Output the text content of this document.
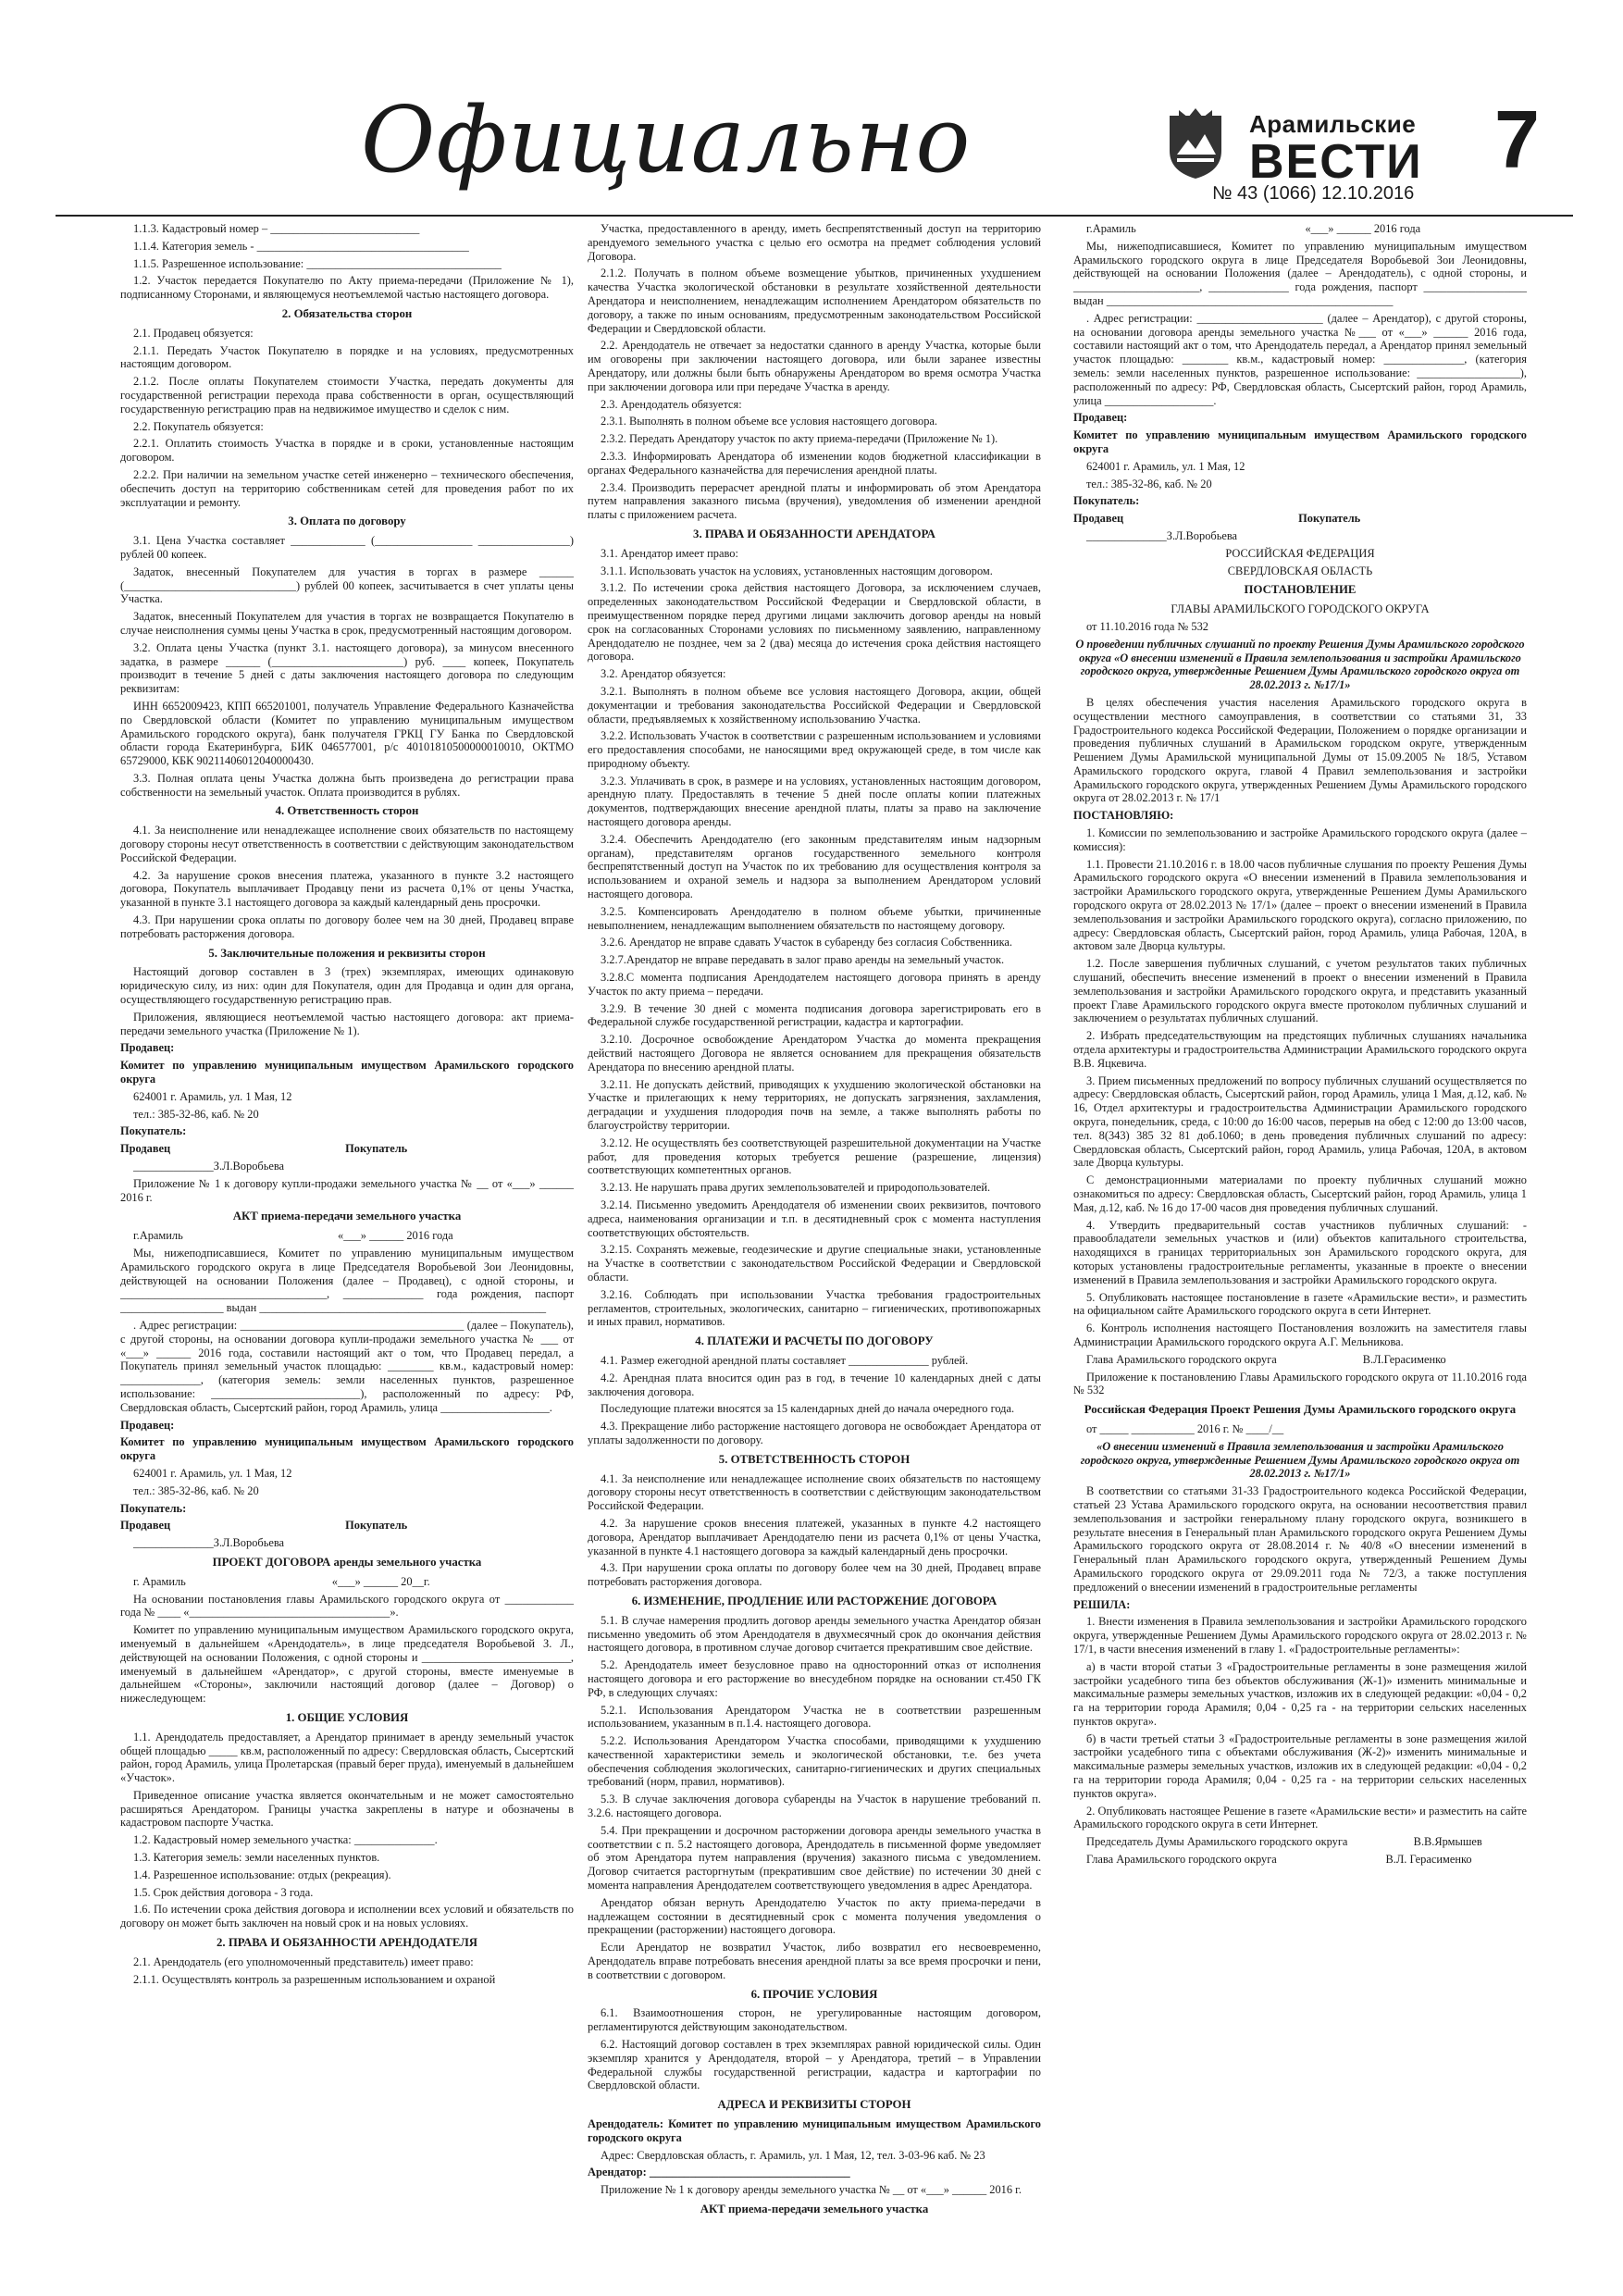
Официально	Арамильские
ВЕСТИ 7
№ 43 (1066) 12.10.2016

1.1.3. Кадастровый номер – __________________________

1.1.4. Категория земель - _____________________________________

1.1.5. Разрешенное использование: __________________________________

1.2. Участок передается Покупателю по Акту приема-передачи (Приложение № 1), подписанному Сторонами, и являющемуся неотъемлемой частью настоящего договора.

2. Обязательства сторон

2.1. Продавец обязуется:

2.1.1. Передать Участок Покупателю в порядке и на условиях, предусмотренных настоящим договором.

2.1.2. После оплаты Покупателем стоимости Участка, передать документы для государственной регистрации перехода права собственности в орган, осуществляющий государственную регистрацию прав на недвижимое имущество и сделок с ним.

2.2. Покупатель обязуется:

2.2.1. Оплатить стоимость Участка в порядке и в сроки, установленные настоящим договором.

2.2.2. При наличии на земельном участке сетей инженерно – технического обеспечения, обеспечить доступ на территорию собственникам сетей для проведения работ по их эксплуатации и ремонту.

3. Оплата по договору

3.1. Цена Участка составляет _____________ (_________________ ________________) рублей 00 копеек.

Задаток, внесенный Покупателем для участия в торгах в размере ______ (______________________________) рублей 00 копеек, засчитывается в счет уплаты цены Участка.

Задаток, внесенный Покупателем для участия в торгах не возвращается Покупателю в случае неисполнения суммы цены Участка в срок, предусмотренный настоящим договором.

3.2. Оплата цены Участка (пункт 3.1. настоящего договора), за минусом внесенного задатка, в размере ______ (_______________________) руб. ____ копеек, Покупатель производит в течение 5 дней с даты заключения настоящего договора по следующим реквизитам:

ИНН 6652009423, КПП 665201001, получатель Управление Федерального Казначейства по Свердловской области (Комитет по управлению муниципальным имуществом Арамильского городского округа), банк получателя ГРКЦ ГУ Банка по Свердловской области города Екатеринбурга, БИК 046577001, р/с 40101810500000010010, ОКТМО 65729000, КБК 90211406012040000430.

3.3. Полная оплата цены Участка должна быть произведена до регистрации права собственности на земельный участок. Оплата производится в рублях.

4. Ответственность сторон

4.1. За неисполнение или ненадлежащее исполнение своих обязательств по настоящему договору стороны несут ответственность в соответствии с действующим законодательством Российской Федерации.

4.2. За нарушение сроков внесения платежа, указанного в пункте 3.2 настоящего договора, Покупатель выплачивает Продавцу пени из расчета 0,1% от цены Участка, указанной в пункте 3.1 настоящего договора за каждый календарный день просрочки.

4.3. При нарушении срока оплаты по договору более чем на 30 дней, Продавец вправе потребовать расторжения договора.

5. Заключительные положения и реквизиты сторон

Настоящий договор составлен в 3 (трех) экземплярах, имеющих одинаковую юридическую силу, из них: один для Покупателя, один для Продавца и один для органа, осуществляющего государственную регистрацию прав.

Приложения, являющиеся неотъемлемой частью настоящего договора: акт приема-передачи земельного участка (Приложение № 1).

Продавец:

Комитет по управлению муниципальным имуществом Арамильского городского округа

624001 г. Арамиль, ул. 1 Мая, 12

тел.: 385-32-86, каб. № 20

Покупатель:

Продавец                                                             Покупатель

______________З.Л.Воробьева

Приложение № 1 к договору купли-продажи земельного участка № __ от «___» ______ 2016 г.

АКТ приема-передачи земельного участка

г.Арамиль                                                      «___» ______ 2016 года

Мы, нижеподписавшиеся, Комитет по управлению муниципальным имуществом Арамильского городского округа в лице Председателя Воробьевой Зои Леонидовны, действующей на основании Положения (далее – Продавец), с одной стороны, и ____________________________________, ______________ года рождения, паспорт __________________ выдан __________________________________________________

. Адрес регистрации: _______________________________________ (далее – Покупатель), с другой стороны, на основании договора купли-продажи земельного участка № ___ от «___» ______ 2016 года, составили настоящий акт о том, что Продавец передал, а Покупатель принял земельный участок площадью: ________ кв.м., кадастровый номер: ______________, (категория земель: земли населенных пунктов, разрешенное использование: __________________________), расположенный по адресу: РФ, Свердловская область, Сысертский район, город Арамиль, улица ___________________.

Продавец:

Комитет по управлению муниципальным имуществом Арамильского городского округа

624001 г. Арамиль, ул. 1 Мая, 12

тел.: 385-32-86, каб. № 20

Покупатель:

Продавец                                                             Покупатель

______________З.Л.Воробьева

ПРОЕКТ ДОГОВОРА аренды земельного участка

г. Арамиль                                                   «___» ______ 20__г.

На основании постановления главы Арамильского городского округа от ____________ года № ____ «___________________________________».

Комитет по управлению муниципальным имуществом Арамильского городского округа, именуемый в дальнейшем «Арендодатель», в лице председателя Воробьевой З. Л., действующей на основании Положения, с одной стороны и __________________________, именуемый в дальнейшем «Арендатор», с другой стороны, вместе именуемые в дальнейшем «Стороны», заключили настоящий договор (далее – Договор) о нижеследующем:

1. ОБЩИЕ УСЛОВИЯ

1.1. Арендодатель предоставляет, а Арендатор принимает в аренду земельный участок общей площадью _____ кв.м, расположенный по адресу: Свердловская область, Сысертский район, город Арамиль, улица Пролетарская (правый берег пруда), именуемый в дальнейшем «Участок».

Приведенное описание участка является окончательным и не может самостоятельно расширяться Арендатором. Границы участка закреплены в натуре и обозначены в кадастровом паспорте Участка.

1.2. Кадастровый номер земельного участка: ______________.

1.3. Категория земель: земли населенных пунктов.

1.4. Разрешенное использование: отдых (рекреация).

1.5. Срок действия договора - 3 года.

1.6. По истечении срока действия договора и исполнении всех условий и обязательств по договору он может быть заключен на новый срок и на новых условиях.

2. ПРАВА И ОБЯЗАННОСТИ АРЕНДОДАТЕЛЯ

2.1. Арендодатель (его уполномоченный представитель) имеет право:

2.1.1. Осуществлять контроль за разрешенным использованием и охраной

Участка, предоставленного в аренду, иметь беспрепятственный доступ на территорию арендуемого земельного участка с целью его осмотра на предмет соблюдения условий Договора.

2.1.2. Получать в полном объеме возмещение убытков, причиненных ухудшением качества Участка экологической обстановки в результате хозяйственной деятельности Арендатора и неисполнением, ненадлежащим исполнением Арендатором обязательств по договору, а также по иным основаниям, предусмотренным законодательством Российской Федерации и Свердловской области.

2.2. Арендодатель не отвечает за недостатки сданного в аренду Участка, которые были им оговорены при заключении настоящего договора, или были заранее известны Арендатору, или должны были быть обнаружены Арендатором во время осмотра Участка при заключении договора или при передаче Участка в аренду.

2.3. Арендодатель обязуется:

2.3.1. Выполнять в полном объеме все условия настоящего договора.

2.3.2. Передать Арендатору участок по акту приема-передачи (Приложение № 1).

2.3.3. Информировать Арендатора об изменении кодов бюджетной классификации в органах Федерального казначейства для перечисления арендной платы.

2.3.4. Производить перерасчет арендной платы и информировать об этом Арендатора путем направления заказного письма (вручения), уведомления об изменении арендной платы с приложением расчета.

3. ПРАВА И ОБЯЗАННОСТИ АРЕНДАТОРА

3.1. Арендатор имеет право:

3.1.1. Использовать участок на условиях, установленных настоящим договором.

3.1.2. По истечении срока действия настоящего Договора, за исключением случаев, определенных законодательством Российской Федерации и Свердловской области, в преимущественном порядке перед другими лицами заключить договор аренды на новый срок на согласованных Сторонами условиях по письменному заявлению, направленному Арендодателю не позднее, чем за 2 (два) месяца до истечения срока действия настоящего договора.

3.2. Арендатор обязуется:

3.2.1. Выполнять в полном объеме все условия настоящего Договора, акции, общей документации и требования законодательства Российской Федерации и Свердловской области, предъявляемых к хозяйственному использованию Участка.

3.2.2. Использовать Участок в соответствии с разрешенным использованием и условиями его предоставления способами, не наносящими вред окружающей среде, в том числе как природному объекту.

3.2.3. Уплачивать в срок, в размере и на условиях, установленных настоящим договором, арендную плату. Предоставлять в течение 5 дней после оплаты копии платежных документов, подтверждающих внесение арендной платы, платы за право на заключение настоящего договора аренды.

3.2.4. Обеспечить Арендодателю (его законным представителям иным надзорным органам), представителям органов государственного земельного контроля беспрепятственный доступ на Участок по их требованию для осуществления контроля за использованием и охраной земель и надзора за выполнением Арендатором условий настоящего договора.

3.2.5. Компенсировать Арендодателю в полном объеме убытки, причиненные невыполнением, ненадлежащим выполнением обязательств по настоящему договору.

3.2.6. Арендатор не вправе сдавать Участок в субаренду без согласия Собственника.

3.2.7.Арендатор не вправе передавать в залог право аренды на земельный участок.

3.2.8.С момента подписания Арендодателем настоящего договора принять в аренду Участок по акту приема – передачи.

3.2.9. В течение 30 дней с момента подписания договора зарегистрировать его в Федеральной службе государственной регистрации, кадастра и картографии.

3.2.10. Досрочное освобождение Арендатором Участка до момента прекращения действий настоящего Договора не является основанием для прекращения обязательств Арендатора по внесению арендной платы.

3.2.11. Не допускать действий, приводящих к ухудшению экологической обстановки на Участке и прилегающих к нему территориях, не допускать загрязнения, захламления, деградации и ухудшения плодородия почв на земле, а также выполнять работы по благоустройству территории.

3.2.12. Не осуществлять без соответствующей разрешительной документации на Участке работ, для проведения которых требуется решение (разрешение, лицензия) соответствующих компетентных органов.

3.2.13. Не нарушать права других землепользователей и природопользователей.

3.2.14. Письменно уведомить Арендодателя об изменении своих реквизитов, почтового адреса, наименования организации и т.п. в десятидневный срок с момента наступления соответствующих обстоятельств.

3.2.15. Сохранять межевые, геодезические и другие специальные знаки, установленные на Участке в соответствии с законодательством Российской Федерации и Свердловской области.

3.2.16. Соблюдать при использовании Участка требования градостроительных регламентов, строительных, экологических, санитарно – гигиенических, противопожарных и иных правил, нормативов.

4. ПЛАТЕЖИ И РАСЧЕТЫ ПО ДОГОВОРУ

4.1. Размер ежегодной арендной платы составляет ______________ рублей.

4.2. Арендная плата вносится один раз в год, в течение 10 календарных дней с даты заключения договора.

Последующие платежи вносятся за 15 календарных дней до начала очередного года.

4.3. Прекращение либо расторжение настоящего договора не освобождает Арендатора от уплаты задолженности по договору.

5. ОТВЕТСТВЕННОСТЬ СТОРОН

4.1. За неисполнение или ненадлежащее исполнение своих обязательств по настоящему договору стороны несут ответственность в соответствии с действующим законодательством Российской Федерации.

4.2. За нарушение сроков внесения платежей, указанных в пункте 4.2 настоящего договора, Арендатор выплачивает Арендодателю пени из расчета 0,1% от цены Участка, указанной в пункте 4.1 настоящего договора за каждый календарный день просрочки.

4.3. При нарушении срока оплаты по договору более чем на 30 дней, Продавец вправе потребовать расторжения договора.

6. ИЗМЕНЕНИЕ, ПРОДЛЕНИЕ ИЛИ РАСТОРЖЕНИЕ ДОГОВОРА

5.1. В случае намерения продлить договор аренды земельного участка Арендатор обязан письменно уведомить об этом Арендодателя в двухмесячный срок до окончания действия настоящего договора, в противном случае договор считается прекратившим свое действие.

5.2. Арендодатель имеет безусловное право на односторонний отказ от исполнения настоящего договора и его расторжение во внесудебном порядке на основании ст.450 ГК РФ, в следующих случаях:

5.2.1. Использования Арендатором Участка не в соответствии разрешенным использованием, указанным в п.1.4. настоящего договора.

5.2.2. Использования Арендатором Участка способами, приводящими к ухудшению качественной характеристики земель и экологической обстановки, т.е. без учета обеспечения соблюдения экологических, санитарно-гигиенических и других специальных требований (норм, правил, нормативов).

5.3. В случае заключения договора субаренды на Участок в нарушение требований п. 3.2.6. настоящего договора.

5.4. При прекращении и досрочном расторжении договора аренды земельного участка в соответствии с п. 5.2 настоящего договора, Арендодатель в письменной форме уведомляет об этом Арендатора путем направления (вручения) заказного письма с уведомлением. Договор считается расторгнутым (прекратившим свое действие) по истечении 30 дней с момента направления Арендодателем соответствующего уведомления в адрес Арендатора.

Арендатор обязан вернуть Арендодателю Участок по акту приема-передачи в надлежащем состоянии в десятидневный срок с момента получения уведомления о прекращении (расторжении) настоящего договора.

Если Арендатор не возвратил Участок, либо возвратил его несвоевременно, Арендодатель вправе потребовать внесения арендной платы за все время просрочки и пени, в соответствии с договором.

6. ПРОЧИЕ УСЛОВИЯ

6.1. Взаимоотношения сторон, не урегулированные настоящим договором, регламентируются действующим законодательством.

6.2. Настоящий договор составлен в трех экземплярах равной юридической силы. Один экземпляр хранится у Арендодателя, второй – у Арендатора, третий – в Управлении Федеральной службы государственной регистрации, кадастра и картографии по Свердловской области.

АДРЕСА И РЕКВИЗИТЫ СТОРОН

Арендодатель: Комитет по управлению муниципальным имуществом Арамильского городского округа

Адрес: Свердловская область, г. Арамиль, ул. 1 Мая, 12, тел. 3-03-96 каб. № 23

Арендатор: ___________________________________

Приложение № 1 к договору аренды земельного участка № __ от «___» ______ 2016 г.

АКТ приема-передачи земельного участка

г.Арамиль                                                           «___» ______ 2016 года

Мы, нижеподписавшиеся, Комитет по управлению муниципальным имуществом Арамильского городского округа в лице Председателя Воробьевой Зои Леонидовны, действующей на основании Положения (далее – Арендодатель), с одной стороны, и ______________________, ______________ года рождения, паспорт __________________ выдан __________________________________________________

. Адрес регистрации: ______________________ (далее – Арендатор), с другой стороны, на основании договора аренды земельного участка №___ от «___» ______ 2016 года, составили настоящий акт о том, что Арендодатель передал, а Арендатор принял земельный участок площадью: ________ кв.м., кадастровый номер: ______________, (категория земель: земли населенных пунктов, разрешенное использование: __________________), расположенный по адресу: РФ, Свердловская область, Сысертский район, город Арамиль, улица ___________________.

Продавец:

Комитет по управлению муниципальным имуществом Арамильского городского округа

624001 г. Арамиль, ул. 1 Мая, 12

тел.: 385-32-86, каб. № 20

Покупатель:

Продавец                                                             Покупатель

______________З.Л.Воробьева

РОССИЙСКАЯ ФЕДЕРАЦИЯ

СВЕРДЛОВСКАЯ ОБЛАСТЬ

ПОСТАНОВЛЕНИЕ

ГЛАВЫ АРАМИЛЬСКОГО ГОРОДСКОГО ОКРУГА

от 11.10.2016 года № 532

О проведении публичных слушаний по проекту Решения Думы Арамильского городского округа «О внесении изменений в Правила землепользования и застройки Арамильского городского округа, утвержденные Решением Думы Арамильского городского округа от 28.02.2013 г. №17/1»

В целях обеспечения участия населения Арамильского городского округа в осуществлении местного самоуправления, в соответствии со статьями 31, 33 Градостроительного кодекса Российской Федерации, Положением о порядке организации и проведения публичных слушаний в Арамильском городском округе, утвержденным Решением Думы Арамильской муниципальной Думы от 15.09.2005 № 18/5, Уставом Арамильского городского округа, главой 4 Правил землепользования и застройки Арамильского городского округа, утвержденных Решением Думы Арамильского городского округа от 28.02.2013 г. № 17/1

ПОСТАНОВЛЯЮ:

1. Комиссии по землепользованию и застройке Арамильского городского округа (далее – комиссия):

1.1. Провести 21.10.2016 г. в 18.00 часов публичные слушания по проекту Решения Думы Арамильского городского округа «О внесении изменений в Правила землепользования и застройки Арамильского городского округа, утвержденные Решением Думы Арамильского городского округа от 28.02.2013 № 17/1» (далее – проект о внесении изменений в Правила землепользования и застройки Арамильского городского округа), согласно приложению, по адресу: Свердловская область, Сысертский район, город Арамиль, улица Рабочая, 120А, в актовом зале Дворца культуры.

1.2. После завершения публичных слушаний, с учетом результатов таких публичных слушаний, обеспечить внесение изменений в проект о внесении изменений в Правила землепользования и застройки Арамильского городского округа, и представить указанный проект Главе Арамильского городского округа вместе протоколом публичных слушаний и заключением о результатах публичных слушаний.

2. Избрать председательствующим на предстоящих публичных слушаниях начальника отдела архитектуры и градостроительства Администрации Арамильского городского округа В.В. Яцкевича.

3. Прием письменных предложений по вопросу публичных слушаний осуществляется по адресу: Свердловская область, Сысертский район, город Арамиль, улица 1 Мая, д.12, каб. № 16, Отдел архитектуры и градостроительства Администрации Арамильского городского округа, понедельник, среда, с 10:00 до 16:00 часов, перерыв на обед с 12:00 до 13:00 часов, тел. 8(343) 385 32 81 доб.1060; в день проведения публичных слушаний по адресу: Свердловская область, Сысертский район, город Арамиль, улица Рабочая, 120А, в актовом зале Дворца культуры.

С демонстрационными материалами по проекту публичных слушаний можно ознакомиться по адресу: Свердловская область, Сысертский район, город Арамиль, улица 1 Мая, д.12, каб. № 16 до 17-00 часов дня проведения публичных слушаний.

4. Утвердить предварительный состав участников публичных слушаний: - правообладатели земельных участков и (или) объектов капитального строительства, находящихся в границах территориальных зон Арамильского городского округа, для которых установлены градостроительные регламенты, указанные в проекте о внесении изменений в Правила землепользования и застройки Арамильского городского округа.

5. Опубликовать настоящее постановление в газете «Арамильские вести», и разместить на официальном сайте Арамильского городского округа в сети Интернет.

6. Контроль исполнения настоящего Постановления возложить на заместителя главы Администрации Арамильского городского округа А.Г. Мельникова.

Глава Арамильского городского округа                              В.Л.Герасименко

Приложение к постановлению Главы Арамильского городского округа от 11.10.2016 года № 532

Российская Федерация Проект Решения Думы Арамильского городского округа

от _____ ___________ 2016 г. № ____/__

«О внесении изменений в Правила землепользования и застройки Арамильского городского округа, утвержденные Решением Думы Арамильского городского округа от 28.02.2013 г. №17/1»

В соответствии со статьями 31-33 Градостроительного кодекса Российской Федерации, статьей 23 Устава Арамильского городского округа, на основании несоответствия правил землепользования и застройки генеральному плану городского округа, возникшего в результате внесения в Генеральный план Арамильского городского округа Решением Думы Арамильского городского округа от 28.08.2014 г. № 40/8 «О внесении изменений в Генеральный план Арамильского городского округа, утвержденный Решением Думы Арамильского городского округа от 29.09.2011 года № 72/3, а также поступления предложений о внесении изменений в градостроительные регламенты

РЕШИЛА:

1. Внести изменения в Правила землепользования и застройки Арамильского городского округа, утвержденные Решением Думы Арамильского городского округа от 28.02.2013 г. № 17/1, в части внесения изменений в главу 1. «Градостроительные регламенты»:

а) в части второй статьи 3 «Градостроительные регламенты в зоне размещения жилой застройки усадебного типа без объектов обслуживания (Ж-1)» изменить минимальные и максимальные размеры земельных участков, изложив их в следующей редакции: «0,04 - 0,2 га на территории города Арамиля; 0,04 - 0,25 га - на территории сельских населенных пунктов округа».

б) в части третьей статьи 3 «Градостроительные регламенты в зоне размещения жилой застройки усадебного типа с объектами обслуживания (Ж-2)» изменить минимальные и максимальные размеры земельных участков, изложив их в следующей редакции: «0,04 - 0,2 га на территории города Арамиля; 0,04 - 0,25 га - на территории сельских населенных пунктов округа».

2. Опубликовать настоящее Решение в газете «Арамильские вести» и разместить на сайте Арамильского городского округа в сети Интернет.

Председатель Думы Арамильского городского округа                       В.В.Ярмышев

Глава Арамильского городского округа                                      В.Л. Герасименко
